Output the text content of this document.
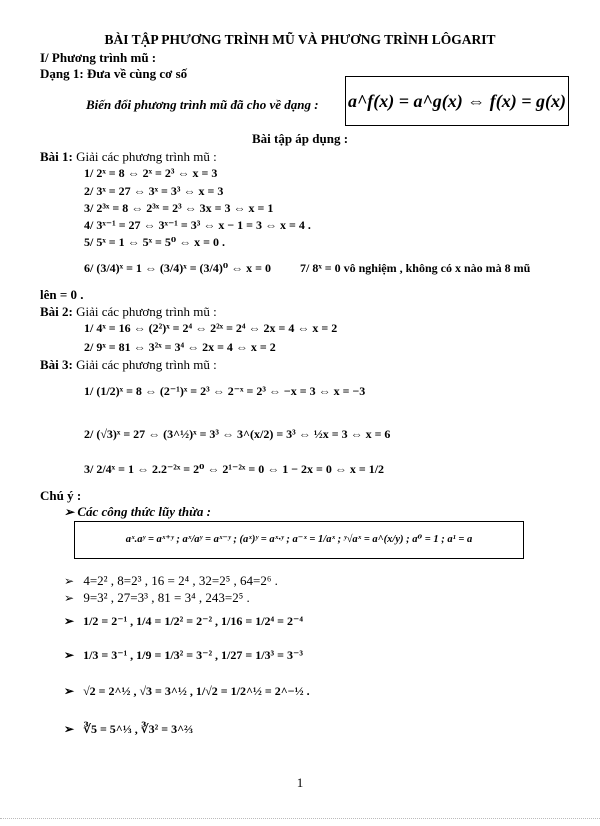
BÀI TẬP PHƯƠNG TRÌNH MŨ VÀ PHƯƠNG TRÌNH LÔGARIT
I/ Phương trình mũ :
Dạng 1: Đưa về cùng cơ số
Biến đổi phương trình mũ đã cho về dạng : a^f(x) = a^g(x) ⇔ f(x) = g(x)
Bài tập áp dụng :
Bài 1: Giải các phương trình mũ :
1/ 2ˣ = 8 ⇔ 2ˣ = 2³ ⇔ x = 3
2/ 3ˣ = 27 ⇔ 3ˣ = 3³ ⇔ x = 3
3/ 2³ˣ = 8 ⇔ 2³ˣ = 2³ ⇔ 3x = 3 ⇔ x = 1
4/ 3ˣ⁻¹ = 27 ⇔ 3ˣ⁻¹ = 3³ ⇔ x − 1 = 3 ⇔ x = 4 .
5/ 5ˣ = 1 ⇔ 5ˣ = 5⁰ ⇔ x = 0 .
6/ (3/4)ˣ = 1 ⇔ (3/4)ˣ = (3/4)⁰ ⇔ x = 0 7/ 8ˣ = 0 vô nghiệm , không có x nào mà 8 mũ
lên = 0 .
Bài 2: Giải các phương trình mũ :
1/ 4ˣ = 16 ⇔ (2²)ˣ = 2⁴ ⇔ 2²ˣ = 2⁴ ⇔ 2x = 4 ⇔ x = 2
2/ 9ˣ = 81 ⇔ 3²ˣ = 3⁴ ⇔ 2x = 4 ⇔ x = 2
Bài 3: Giải các phương trình mũ :
1/ (1/2)ˣ = 8 ⇔ (2⁻¹)ˣ = 2³ ⇔ 2⁻ˣ = 2³ ⇔ −x = 3 ⇔ x = −3
2/ (√3)ˣ = 27 ⇔ (3^½)ˣ = 3³ ⇔ 3^(x/2) = 3³ ⇔ ½x = 3 ⇔ x = 6
3/ 2/4ˣ = 1 ⇔ 2.2⁻²ˣ = 2⁰ ⇔ 2¹⁻²ˣ = 0 ⇔ 1 − 2x = 0 ⇔ x = 1/2
Chú ý :
➢ Các công thức lũy thừa :
aˣ.aʸ = aˣ⁺ʸ ; aˣ/aʸ = aˣ⁻ʸ ; (aˣ)ʸ = aˣ·ʸ ; a⁻ˣ = 1/aˣ ; ʸ√aˣ = a^(x/y) ; a⁰ = 1 ; a¹ = a
➢ 4=2² , 8=2³ , 16 = 2⁴ , 32=2⁵ , 64=2⁶ .
➢ 9=3² , 27=3³ , 81 = 3⁴ , 243=2⁵ .
➢ 1/2 = 2⁻¹ , 1/4 = 1/2² = 2⁻² , 1/16 = 1/2⁴ = 2⁻⁴
➢ 1/3 = 3⁻¹ , 1/9 = 1/3² = 3⁻² , 1/27 = 1/3³ = 3⁻³
➢ √2 = 2^½ , √3 = 3^½ , 1/√2 = 1/2^½ = 2^−½ .
➢ ∛5 = 5^⅓ , ∛3² = 3^⅔
1
